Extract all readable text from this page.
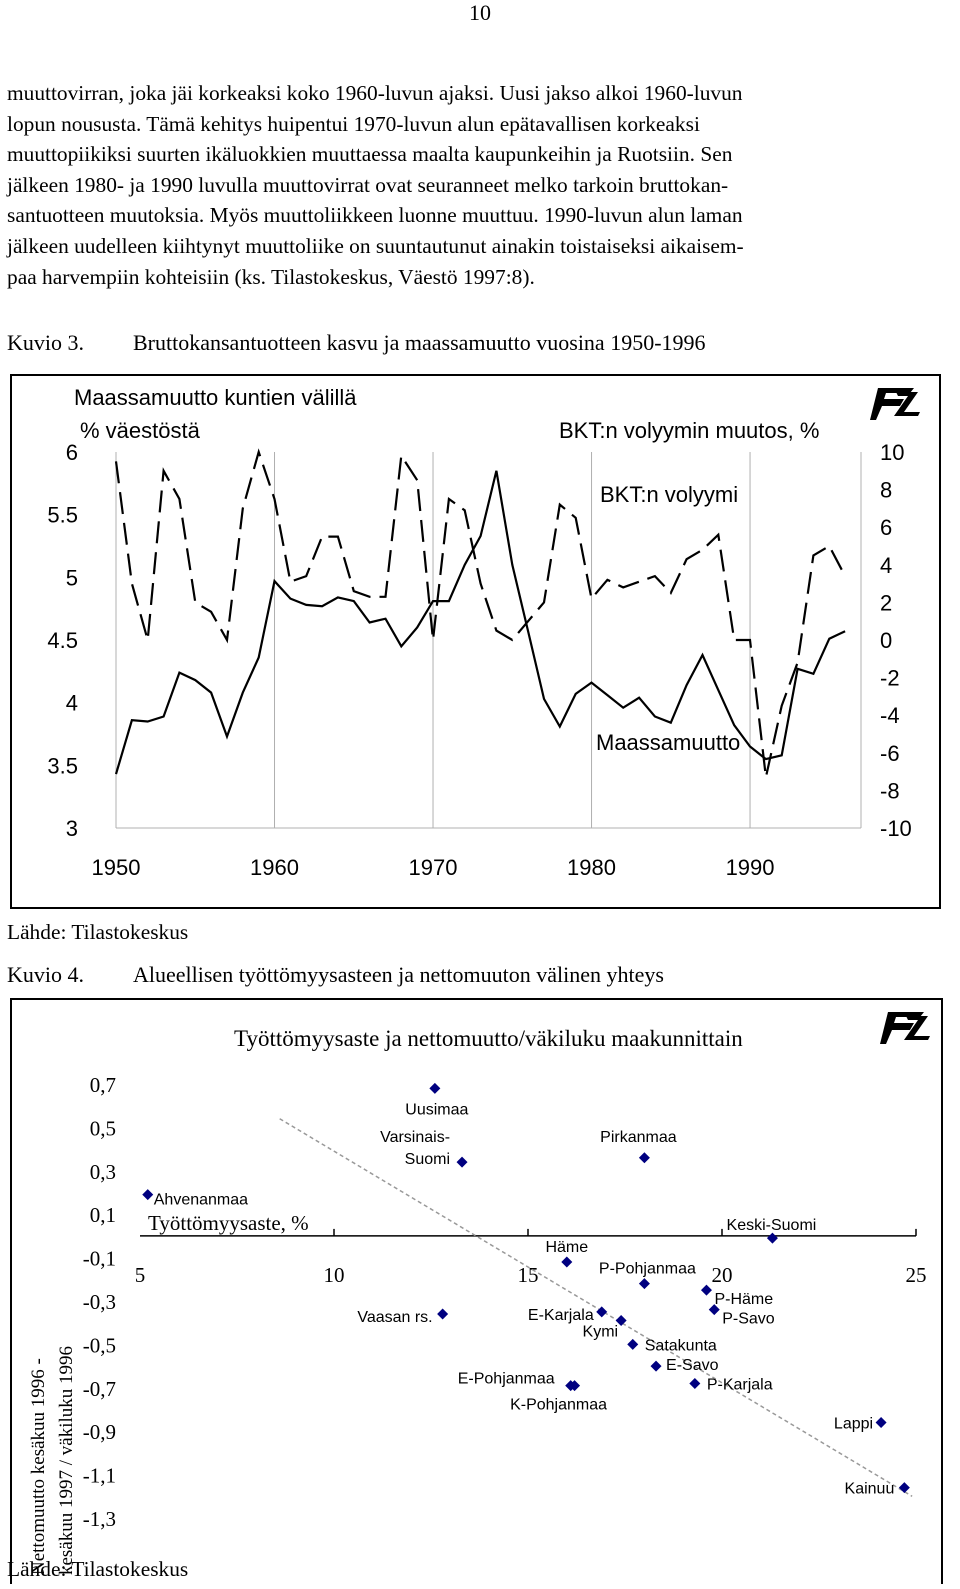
10
muuttovirran, joka jäi korkeaksi koko 1960-luvun ajaksi. Uusi jakso alkoi 1960-luvun
lopun noususta. Tämä kehitys huipentui 1970-luvun alun epätavallisen korkeaksi
muuttopiikiksi suurten ikäluokkien muuttaessa maalta kaupunkeihin ja Ruotsiin. Sen
jälkeen 1980- ja 1990 luvulla muuttovirrat ovat seuranneet melko tarkoin bruttokan-
santuotteen muutoksia. Myös muuttoliikkeen luonne muuttuu. 1990-luvun alun laman
jälkeen uudelleen kiihtynyt muuttoliike on suuntautunut ainakin toistaiseksi aikaisem-
paa harvempiin kohteisiin (ks. Tilastokeskus, Väestö 1997:8).
Kuvio 3. Bruttokansantuotteen kasvu ja maassamuutto vuosina 1950-1996
Maassamuutto kuntien välillä
% väestöstä	BKT:n volyymin muutos, %
6
5.5
5
4.5
4
3.5
3
10
8
6
4
2
0
-2
-4
-6
-8
-10
1950	1960	1970	1980	1990
BKT:n volyymi
Maassamuutto
Lähde: Tilastokeskus
Kuvio 4. Alueellisen työttömyysasteen ja nettomuuton välinen yhteys
Työttömyysaste ja nettomuutto/väkiluku maakunnittain
Nettomuutto kesäkuu 1996 - kesäkuu 1997 / väkiluku 1996
Työttömyysaste, %
0,7
0,5
0,3
0,1
-0,1
-0,3
-0,5
-0,7
-0,9
-1,1
-1,3
5	10	15	20	25
Ahvenanmaa
Uusimaa
Varsinais-
Suomi
Vaasan rs.
Pirkanmaa
Keski-Suomi
Häme
P-Pohjanmaa
P-Häme
P-Savo
E-Karjala
Kymi
Satakunta
E-Savo
P-Karjala
E-Pohjanmaa
K-Pohjanmaa
Lappi
Kainuu
Lähde: Tilastokeskus
